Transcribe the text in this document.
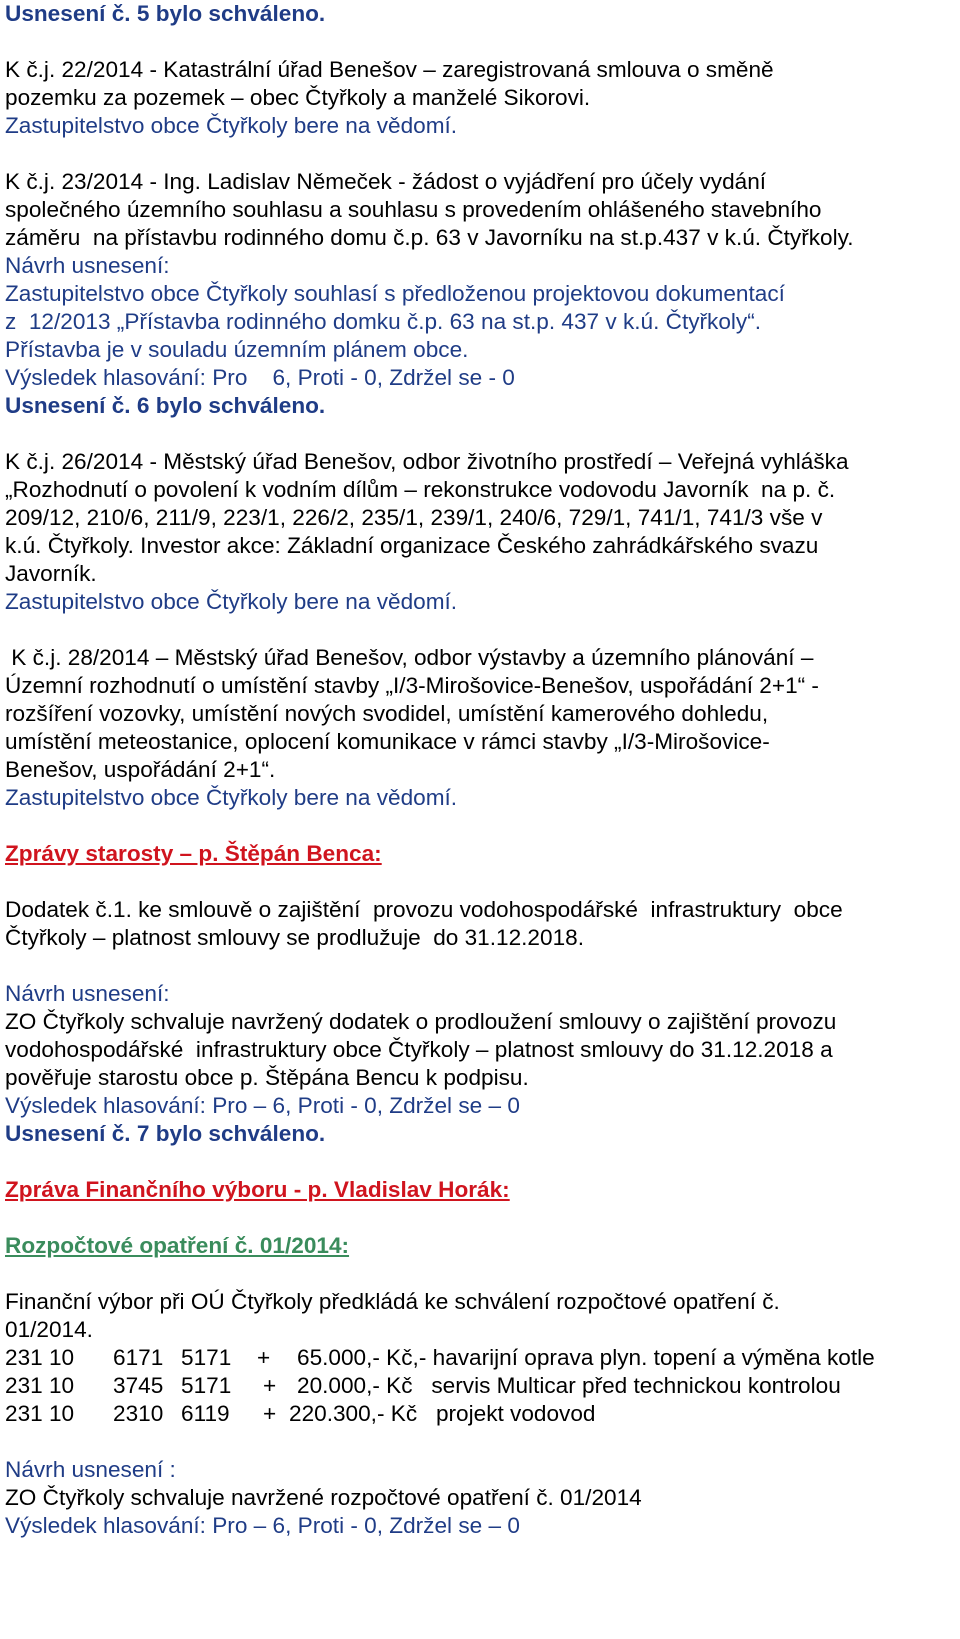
Usnesení č. 5 bylo schváleno.
K č.j. 22/2014 - Katastrální úřad Benešov – zaregistrovaná smlouva o směně
pozemku za pozemek – obec Čtyřkoly a manželé Sikorovi.
Zastupitelstvo obce Čtyřkoly bere na vědomí.
K č.j. 23/2014 - Ing. Ladislav Němeček - žádost o vyjádření pro účely vydání
společného územního souhlasu a souhlasu s provedením ohlášeného stavebního
záměru  na přístavbu rodinného domu č.p. 63 v Javorníku na st.p.437 v k.ú. Čtyřkoly.
Návrh usnesení:
Zastupitelstvo obce Čtyřkoly souhlasí s předloženou projektovou dokumentací
z  12/2013 „Přístavba rodinného domku č.p. 63 na st.p. 437 v k.ú. Čtyřkoly“.
Přístavba je v souladu územním plánem obce.
Výsledek hlasování: Pro    6, Proti - 0, Zdržel se - 0
Usnesení č. 6 bylo schváleno.
K č.j. 26/2014 - Městský úřad Benešov, odbor životního prostředí – Veřejná vyhláška
„Rozhodnutí o povolení k vodním dílům – rekonstrukce vodovodu Javorník  na p. č.
209/12, 210/6, 211/9, 223/1, 226/2, 235/1, 239/1, 240/6, 729/1, 741/1, 741/3 vše v
k.ú. Čtyřkoly. Investor akce: Základní organizace Českého zahrádkářského svazu
Javorník.
Zastupitelstvo obce Čtyřkoly bere na vědomí.
K č.j. 28/2014 – Městský úřad Benešov, odbor výstavby a územního plánování –
Územní rozhodnutí o umístění stavby „I/3-Mirošovice-Benešov, uspořádání 2+1“ -
rozšíření vozovky, umístění nových svodidel, umístění kamerového dohledu,
umístění meteostanice, oplocení komunikace v rámci stavby „I/3-Mirošovice-
Benešov, uspořádání 2+1“.
Zastupitelstvo obce Čtyřkoly bere na vědomí.
Zprávy starosty – p. Štěpán Benca:
Dodatek č.1. ke smlouvě o zajištění  provozu vodohospodářské  infrastruktury  obce
Čtyřkoly – platnost smlouvy se prodlužuje  do 31.12.2018.
Návrh usnesení:
ZO Čtyřkoly schvaluje navržený dodatek o prodloužení smlouvy o zajištění provozu
vodohospodářské  infrastruktury obce Čtyřkoly – platnost smlouvy do 31.12.2018 a
pověřuje starostu obce p. Štěpána Bencu k podpisu.
Výsledek hlasování: Pro – 6, Proti - 0, Zdržel se – 0
Usnesení č. 7 bylo schváleno.
Zpráva Finančního výboru - p. Vladislav Horák:
Rozpočtové opatření č. 01/2014:
Finanční výbor při OÚ Čtyřkoly předkládá ke schválení rozpočtové opatření č.
01/2014.

231 10

6171

5171

+

65.000,- Kč,- havarijní oprava plyn. topení a výměna kotle

231 10

3745

5171

+

20.000,- Kč   servis Multicar před technickou kontrolou

231 10

2310

6119

+

220.300,- Kč   projekt vodovod

Návrh usnesení :
ZO Čtyřkoly schvaluje navržené rozpočtové opatření č. 01/2014
Výsledek hlasování: Pro – 6, Proti - 0, Zdržel se – 0
